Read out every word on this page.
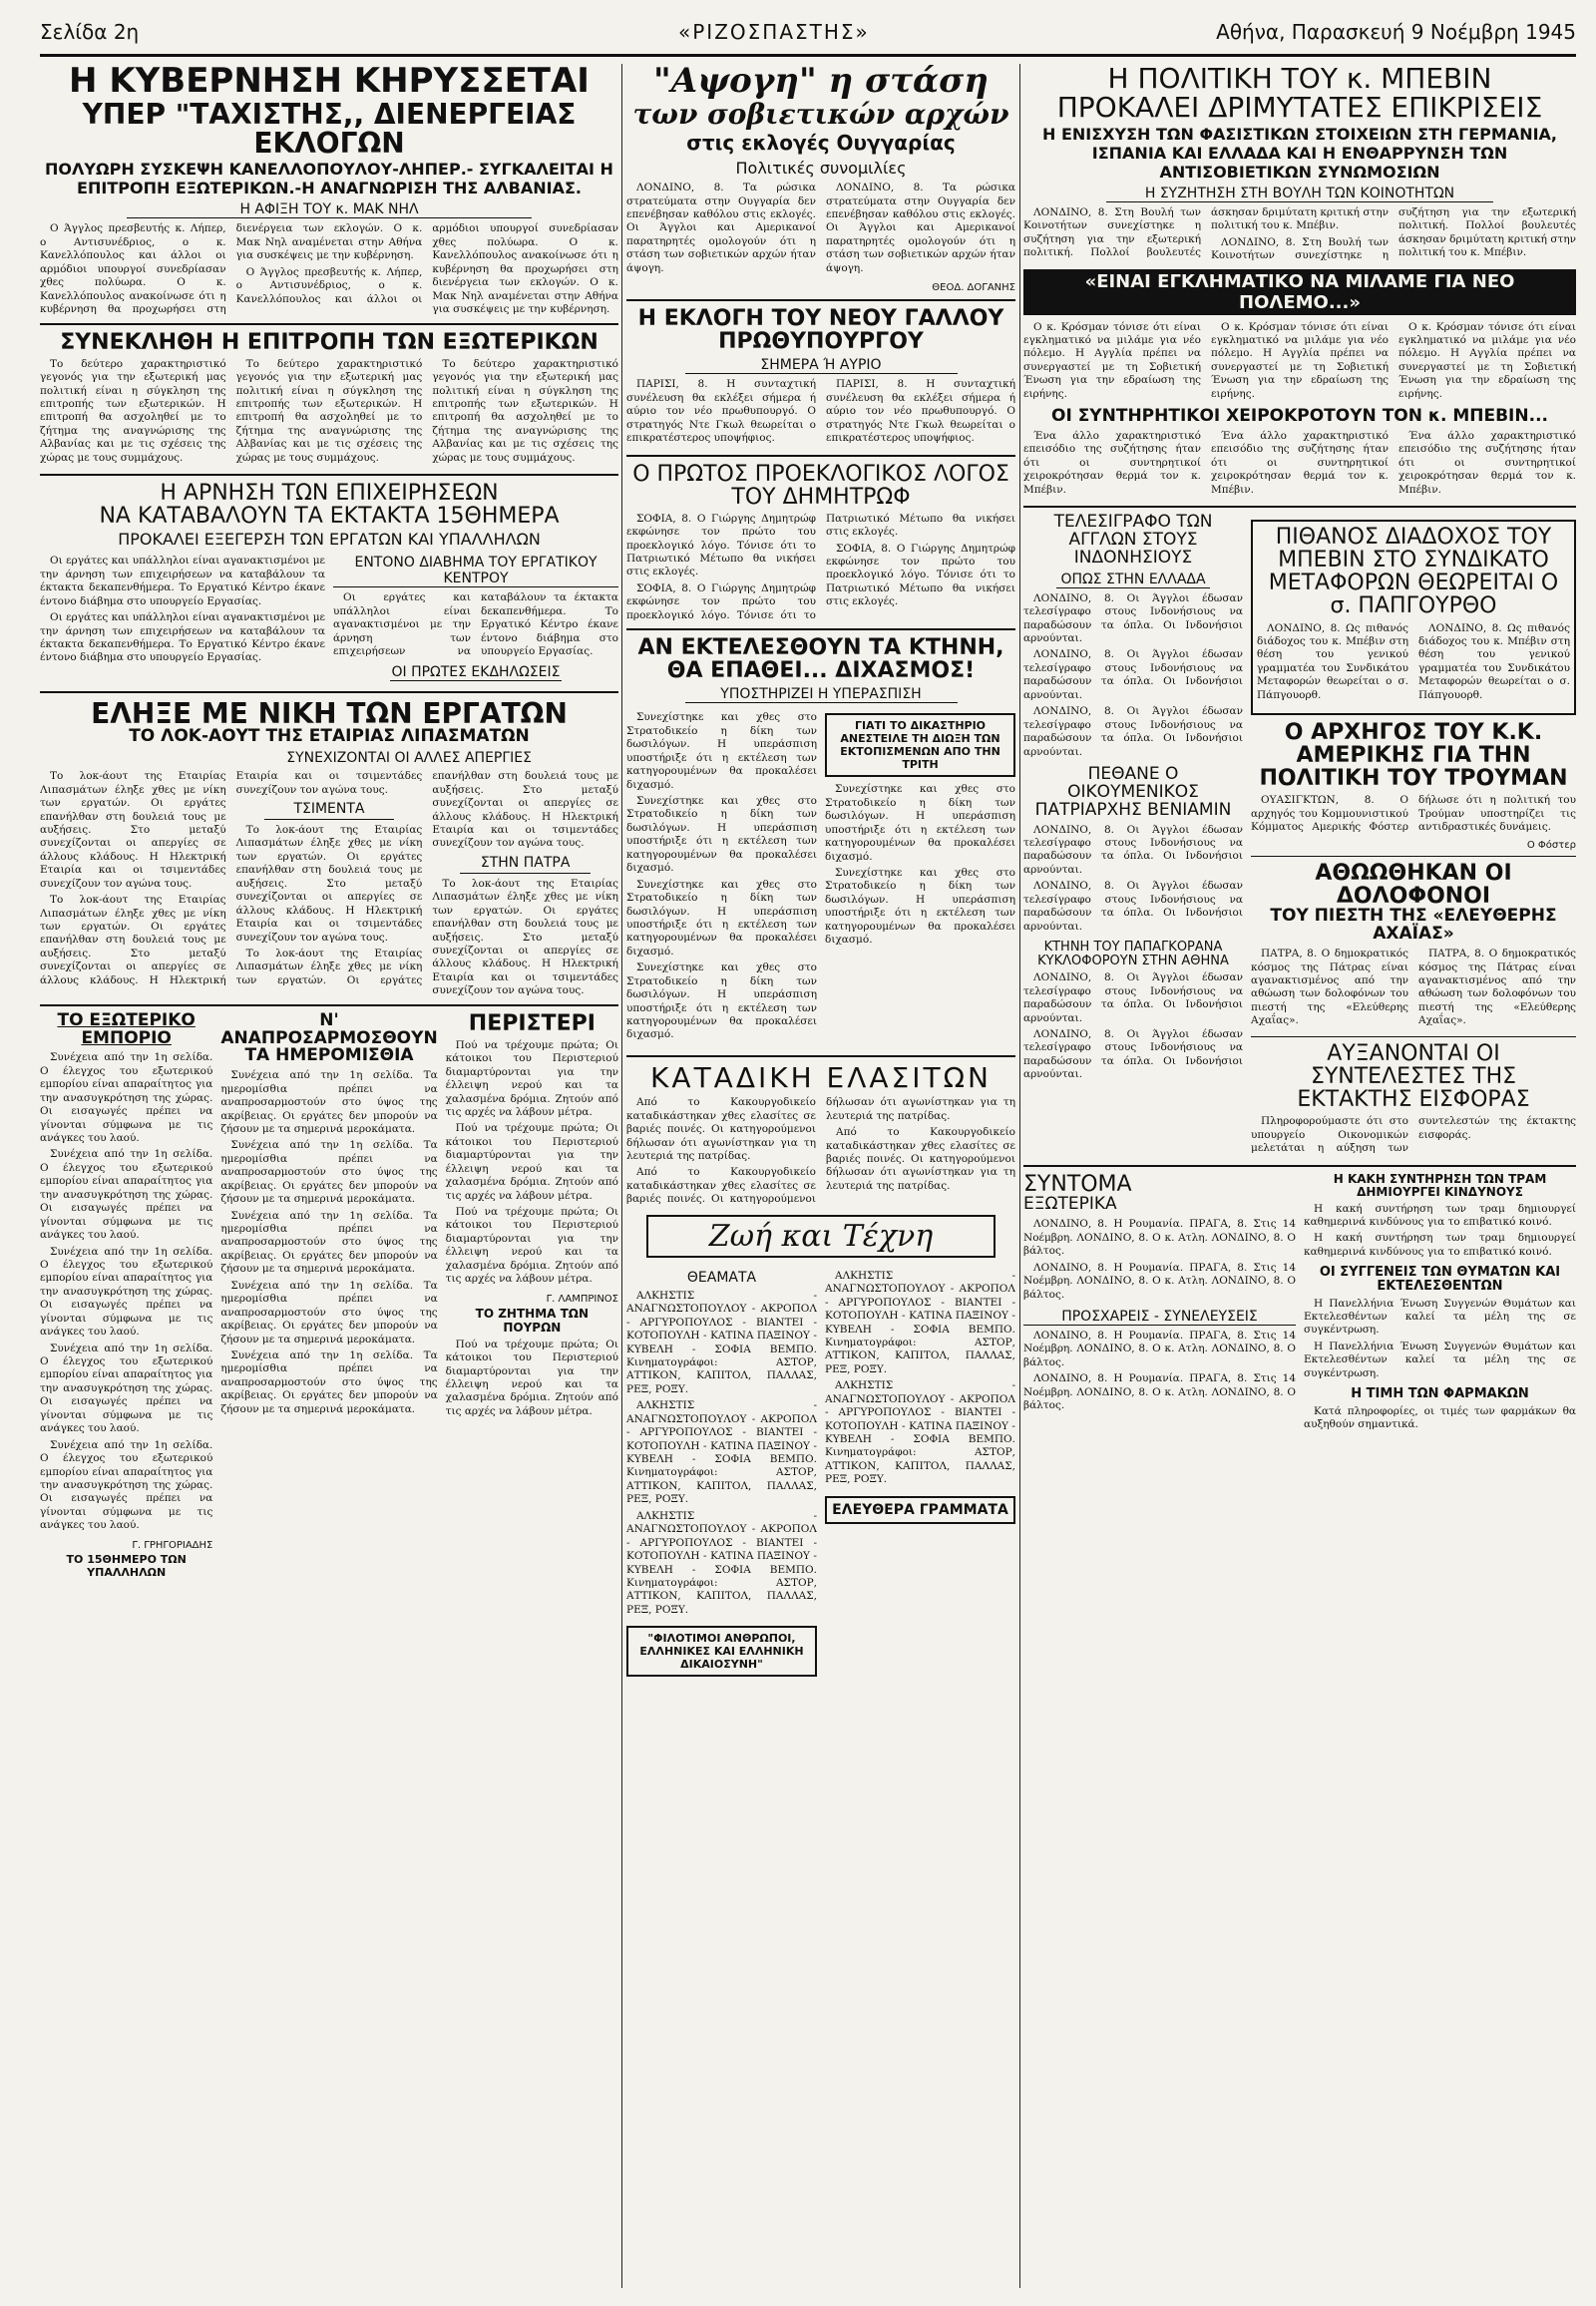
Σελίδα 2η	«ΡΙΖΟΣΠΑΣΤΗΣ»	Αθήνα, Παρασκευή 9 Νοέμβρη 1945
Η ΚΥΒΕΡΝΗΣΗ ΚΗΡΥΣΣΕΤΑΙ
ΥΠΕΡ "ΤΑΧΙΣΤΗΣ,, ΔΙΕΝΕΡΓΕΙΑΣ ΕΚΛΟΓΩΝ
ΠΟΛΥΩΡΗ ΣΥΣΚΕΨΗ ΚΑΝΕΛΛΟΠΟΥΛΟΥ-ΛΗΠΕΡ.- ΣΥΓΚΑΛΕΙΤΑΙ Η ΕΠΙΤΡΟΠΗ ΕΞΩΤΕΡΙΚΩΝ.-Η ΑΝΑΓΝΩΡΙΣΗ ΤΗΣ ΑΛΒΑΝΙΑΣ.
Η ΑΦΙΞΗ ΤΟΥ κ. ΜΑΚ ΝΗΛ

Ο Άγγλος πρεσβευτής κ. Λήπερ, ο Αντισυνέδριος, ο κ. Κανελλόπουλος και άλλοι οι αρμόδιοι υπουργοί συνεδρίασαν χθες πολύωρα. Ο κ. Κανελλόπουλος ανακοίνωσε ότι η κυβέρνηση θα προχωρήσει στη διενέργεια των εκλογών. Ο κ. Μακ Νηλ αναμένεται στην Αθήνα για συσκέψεις με την κυβέρνηση.

Ο Άγγλος πρεσβευτής κ. Λήπερ, ο Αντισυνέδριος, ο κ. Κανελλόπουλος και άλλοι οι αρμόδιοι υπουργοί συνεδρίασαν χθες πολύωρα. Ο κ. Κανελλόπουλος ανακοίνωσε ότι η κυβέρνηση θα προχωρήσει στη διενέργεια των εκλογών. Ο κ. Μακ Νηλ αναμένεται στην Αθήνα για συσκέψεις με την κυβέρνηση.

ΣΥΝΕΚΛΗΘΗ Η ΕΠΙΤΡΟΠΗ ΤΩΝ ΕΞΩΤΕΡΙΚΩΝ

Το δεύτερο χαρακτηριστικό γεγονός για την εξωτερική μας πολιτική είναι η σύγκληση της επιτροπής των εξωτερικών. Η επιτροπή θα ασχοληθεί με το ζήτημα της αναγνώρισης της Αλβανίας και με τις σχέσεις της χώρας με τους συμμάχους.

Το δεύτερο χαρακτηριστικό γεγονός για την εξωτερική μας πολιτική είναι η σύγκληση της επιτροπής των εξωτερικών. Η επιτροπή θα ασχοληθεί με το ζήτημα της αναγνώρισης της Αλβανίας και με τις σχέσεις της χώρας με τους συμμάχους.

Το δεύτερο χαρακτηριστικό γεγονός για την εξωτερική μας πολιτική είναι η σύγκληση της επιτροπής των εξωτερικών. Η επιτροπή θα ασχοληθεί με το ζήτημα της αναγνώρισης της Αλβανίας και με τις σχέσεις της χώρας με τους συμμάχους.

Η ΑΡΝΗΣΗ ΤΩΝ ΕΠΙΧΕΙΡΗΣΕΩΝ
ΝΑ ΚΑΤΑΒΑΛΟΥΝ ΤΑ ΕΚΤΑΚΤΑ 15ΘΗΜΕΡΑ
ΠΡΟΚΑΛΕΙ ΕΞΕΓΕΡΣΗ ΤΩΝ ΕΡΓΑΤΩΝ ΚΑΙ ΥΠΑΛΛΗΛΩΝ

Οι εργάτες και υπάλληλοι είναι αγανακτισμένοι με την άρνηση των επιχειρήσεων να καταβάλουν τα έκτακτα δεκαπενθήμερα. Το Εργατικό Κέντρο έκανε έντονο διάβημα στο υπουργείο Εργασίας.

Οι εργάτες και υπάλληλοι είναι αγανακτισμένοι με την άρνηση των επιχειρήσεων να καταβάλουν τα έκτακτα δεκαπενθήμερα. Το Εργατικό Κέντρο έκανε έντονο διάβημα στο υπουργείο Εργασίας.

ΕΝΤΟΝΟ ΔΙΑΒΗΜΑ ΤΟΥ ΕΡΓΑΤΙΚΟΥ ΚΕΝΤΡΟΥ

Οι εργάτες και υπάλληλοι είναι αγανακτισμένοι με την άρνηση των επιχειρήσεων να καταβάλουν τα έκτακτα δεκαπενθήμερα. Το Εργατικό Κέντρο έκανε έντονο διάβημα στο υπουργείο Εργασίας.

ΟΙ ΠΡΩΤΕΣ ΕΚΔΗΛΩΣΕΙΣ
ΕΛΗΞΕ ΜΕ ΝΙΚΗ ΤΩΝ ΕΡΓΑΤΩΝ
ΤΟ ΛΟΚ-ΑΟΥΤ ΤΗΣ ΕΤΑΙΡΙΑΣ ΛΙΠΑΣΜΑΤΩΝ
ΣΥΝΕΧΙΖΟΝΤΑΙ ΟΙ ΑΛΛΕΣ ΑΠΕΡΓΙΕΣ

Το λοκ-άουτ της Εταιρίας Λιπασμάτων έληξε χθες με νίκη των εργατών. Οι εργάτες επανήλθαν στη δουλειά τους με αυξήσεις. Στο μεταξύ συνεχίζονται οι απεργίες σε άλλους κλάδους. Η Ηλεκτρική Εταιρία και οι τσιμεντάδες συνεχίζουν τον αγώνα τους.

Το λοκ-άουτ της Εταιρίας Λιπασμάτων έληξε χθες με νίκη των εργατών. Οι εργάτες επανήλθαν στη δουλειά τους με αυξήσεις. Στο μεταξύ συνεχίζονται οι απεργίες σε άλλους κλάδους. Η Ηλεκτρική Εταιρία και οι τσιμεντάδες συνεχίζουν τον αγώνα τους.

ΤΣΙΜΕΝΤΑ

Το λοκ-άουτ της Εταιρίας Λιπασμάτων έληξε χθες με νίκη των εργατών. Οι εργάτες επανήλθαν στη δουλειά τους με αυξήσεις. Στο μεταξύ συνεχίζονται οι απεργίες σε άλλους κλάδους. Η Ηλεκτρική Εταιρία και οι τσιμεντάδες συνεχίζουν τον αγώνα τους.

Το λοκ-άουτ της Εταιρίας Λιπασμάτων έληξε χθες με νίκη των εργατών. Οι εργάτες επανήλθαν στη δουλειά τους με αυξήσεις. Στο μεταξύ συνεχίζονται οι απεργίες σε άλλους κλάδους. Η Ηλεκτρική Εταιρία και οι τσιμεντάδες συνεχίζουν τον αγώνα τους.

ΣΤΗΝ ΠΑΤΡΑ

Το λοκ-άουτ της Εταιρίας Λιπασμάτων έληξε χθες με νίκη των εργατών. Οι εργάτες επανήλθαν στη δουλειά τους με αυξήσεις. Στο μεταξύ συνεχίζονται οι απεργίες σε άλλους κλάδους. Η Ηλεκτρική Εταιρία και οι τσιμεντάδες συνεχίζουν τον αγώνα τους.

ΤΟ ΕΞΩΤΕΡΙΚΟ ΕΜΠΟΡΙΟ

Συνέχεια από την 1η σελίδα. Ο έλεγχος του εξωτερικού εμπορίου είναι απαραίτητος για την ανασυγκρότηση της χώρας. Οι εισαγωγές πρέπει να γίνονται σύμφωνα με τις ανάγκες του λαού.

Συνέχεια από την 1η σελίδα. Ο έλεγχος του εξωτερικού εμπορίου είναι απαραίτητος για την ανασυγκρότηση της χώρας. Οι εισαγωγές πρέπει να γίνονται σύμφωνα με τις ανάγκες του λαού.

Συνέχεια από την 1η σελίδα. Ο έλεγχος του εξωτερικού εμπορίου είναι απαραίτητος για την ανασυγκρότηση της χώρας. Οι εισαγωγές πρέπει να γίνονται σύμφωνα με τις ανάγκες του λαού.

Συνέχεια από την 1η σελίδα. Ο έλεγχος του εξωτερικού εμπορίου είναι απαραίτητος για την ανασυγκρότηση της χώρας. Οι εισαγωγές πρέπει να γίνονται σύμφωνα με τις ανάγκες του λαού.

Συνέχεια από την 1η σελίδα. Ο έλεγχος του εξωτερικού εμπορίου είναι απαραίτητος για την ανασυγκρότηση της χώρας. Οι εισαγωγές πρέπει να γίνονται σύμφωνα με τις ανάγκες του λαού.

Γ. ΓΡΗΓΟΡΙΑΔΗΣ
ΤΟ 15ΘΗΜΕΡΟ ΤΩΝ ΥΠΑΛΛΗΛΩΝ
Ν' ΑΝΑΠΡΟΣΑΡΜΟΣΘΟΥΝ ΤΑ ΗΜΕΡΟΜΙΣΘΙΑ

Συνέχεια από την 1η σελίδα. Τα ημερομίσθια πρέπει να αναπροσαρμοστούν στο ύψος της ακρίβειας. Οι εργάτες δεν μπορούν να ζήσουν με τα σημερινά μεροκάματα.

Συνέχεια από την 1η σελίδα. Τα ημερομίσθια πρέπει να αναπροσαρμοστούν στο ύψος της ακρίβειας. Οι εργάτες δεν μπορούν να ζήσουν με τα σημερινά μεροκάματα.

Συνέχεια από την 1η σελίδα. Τα ημερομίσθια πρέπει να αναπροσαρμοστούν στο ύψος της ακρίβειας. Οι εργάτες δεν μπορούν να ζήσουν με τα σημερινά μεροκάματα.

Συνέχεια από την 1η σελίδα. Τα ημερομίσθια πρέπει να αναπροσαρμοστούν στο ύψος της ακρίβειας. Οι εργάτες δεν μπορούν να ζήσουν με τα σημερινά μεροκάματα.

Συνέχεια από την 1η σελίδα. Τα ημερομίσθια πρέπει να αναπροσαρμοστούν στο ύψος της ακρίβειας. Οι εργάτες δεν μπορούν να ζήσουν με τα σημερινά μεροκάματα.

ΠΕΡΙΣΤΕΡΙ

Πού να τρέχουμε πρώτα; Οι κάτοικοι του Περιστεριού διαμαρτύρονται για την έλλειψη νερού και τα χαλασμένα δρόμια. Ζητούν από τις αρχές να λάβουν μέτρα.

Πού να τρέχουμε πρώτα; Οι κάτοικοι του Περιστεριού διαμαρτύρονται για την έλλειψη νερού και τα χαλασμένα δρόμια. Ζητούν από τις αρχές να λάβουν μέτρα.

Πού να τρέχουμε πρώτα; Οι κάτοικοι του Περιστεριού διαμαρτύρονται για την έλλειψη νερού και τα χαλασμένα δρόμια. Ζητούν από τις αρχές να λάβουν μέτρα.

Γ. ΛΑΜΠΡΙΝΟΣ
ΤΟ ΖΗΤΗΜΑ ΤΩΝ ΠΟΥΡΩΝ

Πού να τρέχουμε πρώτα; Οι κάτοικοι του Περιστεριού διαμαρτύρονται για την έλλειψη νερού και τα χαλασμένα δρόμια. Ζητούν από τις αρχές να λάβουν μέτρα.

"Αψογη" η στάση
των σοβιετικών αρχών
στις εκλογές Ουγγαρίας
Πολιτικές συνομιλίες

ΛΟΝΔΙΝΟ, 8. Τα ρώσικα στρατεύματα στην Ουγγαρία δεν επενέβησαν καθόλου στις εκλογές. Οι Άγγλοι και Αμερικανοί παρατηρητές ομολογούν ότι η στάση των σοβιετικών αρχών ήταν άψογη.

ΛΟΝΔΙΝΟ, 8. Τα ρώσικα στρατεύματα στην Ουγγαρία δεν επενέβησαν καθόλου στις εκλογές. Οι Άγγλοι και Αμερικανοί παρατηρητές ομολογούν ότι η στάση των σοβιετικών αρχών ήταν άψογη.

ΘΕΟΔ. ΔΟΓΑΝΗΣ
Η ΕΚΛΟΓΗ ΤΟΥ ΝΕΟΥ ΓΑΛΛΟΥ ΠΡΩΘΥΠΟΥΡΓΟΥ
ΣΗΜΕΡΑ Ή ΑΥΡΙΟ

ΠΑΡΙΣΙ, 8. Η συνταχτική συνέλευση θα εκλέξει σήμερα ή αύριο τον νέο πρωθυπουργό. Ο στρατηγός Ντε Γκωλ θεωρείται ο επικρατέστερος υποψήφιος.

ΠΑΡΙΣΙ, 8. Η συνταχτική συνέλευση θα εκλέξει σήμερα ή αύριο τον νέο πρωθυπουργό. Ο στρατηγός Ντε Γκωλ θεωρείται ο επικρατέστερος υποψήφιος.

Ο ΠΡΩΤΟΣ ΠΡΟΕΚΛΟΓΙΚΟΣ ΛΟΓΟΣ ΤΟΥ ΔΗΜΗΤΡΩΦ

ΣΟΦΙΑ, 8. Ο Γιώργης Δημητρώφ εκφώνησε τον πρώτο του προεκλογικό λόγο. Τόνισε ότι το Πατριωτικό Μέτωπο θα νικήσει στις εκλογές.

ΣΟΦΙΑ, 8. Ο Γιώργης Δημητρώφ εκφώνησε τον πρώτο του προεκλογικό λόγο. Τόνισε ότι το Πατριωτικό Μέτωπο θα νικήσει στις εκλογές.

ΣΟΦΙΑ, 8. Ο Γιώργης Δημητρώφ εκφώνησε τον πρώτο του προεκλογικό λόγο. Τόνισε ότι το Πατριωτικό Μέτωπο θα νικήσει στις εκλογές.

ΑΝ ΕΚΤΕΛΕΣΘΟΥΝ ΤΑ ΚΤΗΝΗ, ΘΑ ΕΠΑΘΕΙ... ΔΙΧΑΣΜΟΣ!
ΥΠΟΣΤΗΡΙΖΕΙ Η ΥΠΕΡΑΣΠΙΣΗ

Συνεχίστηκε και χθες στο Στρατοδικείο η δίκη των δωσιλόγων. Η υπεράσπιση υποστήριξε ότι η εκτέλεση των κατηγορουμένων θα προκαλέσει διχασμό.

Συνεχίστηκε και χθες στο Στρατοδικείο η δίκη των δωσιλόγων. Η υπεράσπιση υποστήριξε ότι η εκτέλεση των κατηγορουμένων θα προκαλέσει διχασμό.

Συνεχίστηκε και χθες στο Στρατοδικείο η δίκη των δωσιλόγων. Η υπεράσπιση υποστήριξε ότι η εκτέλεση των κατηγορουμένων θα προκαλέσει διχασμό.

Συνεχίστηκε και χθες στο Στρατοδικείο η δίκη των δωσιλόγων. Η υπεράσπιση υποστήριξε ότι η εκτέλεση των κατηγορουμένων θα προκαλέσει διχασμό.

ΓΙΑΤΙ ΤΟ ΔΙΚΑΣΤΗΡΙΟ ΑΝΕΣΤΕΙΛΕ ΤΗ ΔΙΩΞΗ ΤΩΝ ΕΚΤΟΠΙΣΜΕΝΩΝ ΑΠΟ ΤΗΝ ΤΡΙΤΗ

Συνεχίστηκε και χθες στο Στρατοδικείο η δίκη των δωσιλόγων. Η υπεράσπιση υποστήριξε ότι η εκτέλεση των κατηγορουμένων θα προκαλέσει διχασμό.

Συνεχίστηκε και χθες στο Στρατοδικείο η δίκη των δωσιλόγων. Η υπεράσπιση υποστήριξε ότι η εκτέλεση των κατηγορουμένων θα προκαλέσει διχασμό.

ΚΑΤΑΔΙΚΗ ΕΛΑΣΙΤΩΝ

Από το Κακουργοδικείο καταδικάστηκαν χθες ελασίτες σε βαριές ποινές. Οι κατηγορούμενοι δήλωσαν ότι αγωνίστηκαν για τη λευτεριά της πατρίδας.

Από το Κακουργοδικείο καταδικάστηκαν χθες ελασίτες σε βαριές ποινές. Οι κατηγορούμενοι δήλωσαν ότι αγωνίστηκαν για τη λευτεριά της πατρίδας.

Από το Κακουργοδικείο καταδικάστηκαν χθες ελασίτες σε βαριές ποινές. Οι κατηγορούμενοι δήλωσαν ότι αγωνίστηκαν για τη λευτεριά της πατρίδας.

Ζωή και Τέχνη
ΘΕΑΜΑΤΑ

ΑΛΚΗΣΤΙΣ - ΑΝΑΓΝΩΣΤΟΠΟΥΛΟΥ - ΑΚΡΟΠΟΛ - ΑΡΓΥΡΟΠΟΥΛΟΣ - ΒΙΑΝΤΕΙ - ΚΟΤΟΠΟΥΛΗ - ΚΑΤΙΝΑ ΠΑΞΙΝΟΥ - ΚΥΒΕΛΗ - ΣΟΦΙΑ ΒΕΜΠΟ. Κινηματογράφοι: ΑΣΤΟΡ, ΑΤΤΙΚΟΝ, ΚΑΠΙΤΟΛ, ΠΑΛΛΑΣ, ΡΕΞ, ΡΟΞΥ.

ΑΛΚΗΣΤΙΣ - ΑΝΑΓΝΩΣΤΟΠΟΥΛΟΥ - ΑΚΡΟΠΟΛ - ΑΡΓΥΡΟΠΟΥΛΟΣ - ΒΙΑΝΤΕΙ - ΚΟΤΟΠΟΥΛΗ - ΚΑΤΙΝΑ ΠΑΞΙΝΟΥ - ΚΥΒΕΛΗ - ΣΟΦΙΑ ΒΕΜΠΟ. Κινηματογράφοι: ΑΣΤΟΡ, ΑΤΤΙΚΟΝ, ΚΑΠΙΤΟΛ, ΠΑΛΛΑΣ, ΡΕΞ, ΡΟΞΥ.

ΑΛΚΗΣΤΙΣ - ΑΝΑΓΝΩΣΤΟΠΟΥΛΟΥ - ΑΚΡΟΠΟΛ - ΑΡΓΥΡΟΠΟΥΛΟΣ - ΒΙΑΝΤΕΙ - ΚΟΤΟΠΟΥΛΗ - ΚΑΤΙΝΑ ΠΑΞΙΝΟΥ - ΚΥΒΕΛΗ - ΣΟΦΙΑ ΒΕΜΠΟ. Κινηματογράφοι: ΑΣΤΟΡ, ΑΤΤΙΚΟΝ, ΚΑΠΙΤΟΛ, ΠΑΛΛΑΣ, ΡΕΞ, ΡΟΞΥ.

"ΦΙΛΟΤΙΜΟΙ ΑΝΘΡΩΠΟΙ, ΕΛΛΗΝΙΚΕΣ ΚΑΙ ΕΛΛΗΝΙΚΗ ΔΙΚΑΙΟΣΥΝΗ"

ΑΛΚΗΣΤΙΣ - ΑΝΑΓΝΩΣΤΟΠΟΥΛΟΥ - ΑΚΡΟΠΟΛ - ΑΡΓΥΡΟΠΟΥΛΟΣ - ΒΙΑΝΤΕΙ - ΚΟΤΟΠΟΥΛΗ - ΚΑΤΙΝΑ ΠΑΞΙΝΟΥ - ΚΥΒΕΛΗ - ΣΟΦΙΑ ΒΕΜΠΟ. Κινηματογράφοι: ΑΣΤΟΡ, ΑΤΤΙΚΟΝ, ΚΑΠΙΤΟΛ, ΠΑΛΛΑΣ, ΡΕΞ, ΡΟΞΥ.

ΑΛΚΗΣΤΙΣ - ΑΝΑΓΝΩΣΤΟΠΟΥΛΟΥ - ΑΚΡΟΠΟΛ - ΑΡΓΥΡΟΠΟΥΛΟΣ - ΒΙΑΝΤΕΙ - ΚΟΤΟΠΟΥΛΗ - ΚΑΤΙΝΑ ΠΑΞΙΝΟΥ - ΚΥΒΕΛΗ - ΣΟΦΙΑ ΒΕΜΠΟ. Κινηματογράφοι: ΑΣΤΟΡ, ΑΤΤΙΚΟΝ, ΚΑΠΙΤΟΛ, ΠΑΛΛΑΣ, ΡΕΞ, ΡΟΞΥ.

ΕΛΕΥΘΕΡΑ ΓΡΑΜΜΑΤΑ
Η ΠΟΛΙΤΙΚΗ ΤΟΥ κ. ΜΠΕΒΙΝ
ΠΡΟΚΑΛΕΙ ΔΡΙΜΥΤΑΤΕΣ ΕΠΙΚΡΙΣΕΙΣ
Η ΕΝΙΣΧΥΣΗ ΤΩΝ ΦΑΣΙΣΤΙΚΩΝ ΣΤΟΙΧΕΙΩΝ ΣΤΗ ΓΕΡΜΑΝΙΑ, ΙΣΠΑΝΙΑ ΚΑΙ ΕΛΛΑΔΑ ΚΑΙ Η ΕΝΘΑΡΡΥΝΣΗ ΤΩΝ ΑΝΤΙΣΟΒΙΕΤΙΚΩΝ ΣΥΝΩΜΟΣΙΩΝ
Η ΣΥΖΗΤΗΣΗ ΣΤΗ ΒΟΥΛΗ ΤΩΝ ΚΟΙΝΟΤΗΤΩΝ

ΛΟΝΔΙΝΟ, 8. Στη Βουλή των Κοινοτήτων συνεχίστηκε η συζήτηση για την εξωτερική πολιτική. Πολλοί βουλευτές άσκησαν δριμύτατη κριτική στην πολιτική του κ. Μπέβιν.

ΛΟΝΔΙΝΟ, 8. Στη Βουλή των Κοινοτήτων συνεχίστηκε η συζήτηση για την εξωτερική πολιτική. Πολλοί βουλευτές άσκησαν δριμύτατη κριτική στην πολιτική του κ. Μπέβιν.

«ΕΙΝΑΙ ΕΓΚΛΗΜΑΤΙΚΟ ΝΑ ΜΙΛΑΜΕ ΓΙΑ ΝΕΟ ΠΟΛΕΜΟ...»

Ο κ. Κρόσμαν τόνισε ότι είναι εγκληματικό να μιλάμε για νέο πόλεμο. Η Αγγλία πρέπει να συνεργαστεί με τη Σοβιετική Ένωση για την εδραίωση της ειρήνης.

Ο κ. Κρόσμαν τόνισε ότι είναι εγκληματικό να μιλάμε για νέο πόλεμο. Η Αγγλία πρέπει να συνεργαστεί με τη Σοβιετική Ένωση για την εδραίωση της ειρήνης.

Ο κ. Κρόσμαν τόνισε ότι είναι εγκληματικό να μιλάμε για νέο πόλεμο. Η Αγγλία πρέπει να συνεργαστεί με τη Σοβιετική Ένωση για την εδραίωση της ειρήνης.

ΟΙ ΣΥΝΤΗΡΗΤΙΚΟΙ ΧΕΙΡΟΚΡΟΤΟΥΝ ΤΟΝ κ. ΜΠΕΒΙΝ...

Ένα άλλο χαρακτηριστικό επεισόδιο της συζήτησης ήταν ότι οι συντηρητικοί χειροκρότησαν θερμά τον κ. Μπέβιν.

Ένα άλλο χαρακτηριστικό επεισόδιο της συζήτησης ήταν ότι οι συντηρητικοί χειροκρότησαν θερμά τον κ. Μπέβιν.

Ένα άλλο χαρακτηριστικό επεισόδιο της συζήτησης ήταν ότι οι συντηρητικοί χειροκρότησαν θερμά τον κ. Μπέβιν.

ΤΕΛΕΣΙΓΡΑΦΟ ΤΩΝ ΑΓΓΛΩΝ ΣΤΟΥΣ ΙΝΔΟΝΗΣΙΟΥΣ
ΟΠΩΣ ΣΤΗΝ ΕΛΛΑΔΑ

ΛΟΝΔΙΝΟ, 8. Οι Άγγλοι έδωσαν τελεσίγραφο στους Ινδονήσιους να παραδώσουν τα όπλα. Οι Ινδονήσιοι αρνούνται.

ΛΟΝΔΙΝΟ, 8. Οι Άγγλοι έδωσαν τελεσίγραφο στους Ινδονήσιους να παραδώσουν τα όπλα. Οι Ινδονήσιοι αρνούνται.

ΛΟΝΔΙΝΟ, 8. Οι Άγγλοι έδωσαν τελεσίγραφο στους Ινδονήσιους να παραδώσουν τα όπλα. Οι Ινδονήσιοι αρνούνται.

ΠΕΘΑΝΕ Ο ΟΙΚΟΥΜΕΝΙΚΟΣ ΠΑΤΡΙΑΡΧΗΣ ΒΕΝΙΑΜΙΝ

ΛΟΝΔΙΝΟ, 8. Οι Άγγλοι έδωσαν τελεσίγραφο στους Ινδονήσιους να παραδώσουν τα όπλα. Οι Ινδονήσιοι αρνούνται.

ΛΟΝΔΙΝΟ, 8. Οι Άγγλοι έδωσαν τελεσίγραφο στους Ινδονήσιους να παραδώσουν τα όπλα. Οι Ινδονήσιοι αρνούνται.

ΚΤΗΝΗ ΤΟΥ ΠΑΠΑΓΚΟΡΑΝΑ ΚΥΚΛΟΦΟΡΟΥΝ ΣΤΗΝ ΑΘΗΝΑ

ΛΟΝΔΙΝΟ, 8. Οι Άγγλοι έδωσαν τελεσίγραφο στους Ινδονήσιους να παραδώσουν τα όπλα. Οι Ινδονήσιοι αρνούνται.

ΛΟΝΔΙΝΟ, 8. Οι Άγγλοι έδωσαν τελεσίγραφο στους Ινδονήσιους να παραδώσουν τα όπλα. Οι Ινδονήσιοι αρνούνται.

ΠΙΘΑΝΟΣ ΔΙΑΔΟΧΟΣ ΤΟΥ ΜΠΕΒΙΝ ΣΤΟ ΣΥΝΔΙΚΑΤΟ ΜΕΤΑΦΟΡΩΝ ΘΕΩΡΕΙΤΑΙ Ο σ. ΠΑΠΓΟΥΡΘΟ

ΛΟΝΔΙΝΟ, 8. Ως πιθανός διάδοχος του κ. Μπέβιν στη θέση του γενικού γραμματέα του Συνδικάτου Μεταφορών θεωρείται ο σ. Πάπγουορθ.

ΛΟΝΔΙΝΟ, 8. Ως πιθανός διάδοχος του κ. Μπέβιν στη θέση του γενικού γραμματέα του Συνδικάτου Μεταφορών θεωρείται ο σ. Πάπγουορθ.

Ο ΑΡΧΗΓΟΣ ΤΟΥ Κ.Κ. ΑΜΕΡΙΚΗΣ ΓΙΑ ΤΗΝ ΠΟΛΙΤΙΚΗ ΤΟΥ ΤΡΟΥΜΑΝ

ΟΥΑΣΙΓΚΤΩΝ, 8. Ο αρχηγός του Κομμουνιστικού Κόμματος Αμερικής Φόστερ δήλωσε ότι η πολιτική του Τρούμαν υποστηρίζει τις αντιδραστικές δυνάμεις.

Ο Φόστερ
ΑΘΩΩΘΗΚΑΝ ΟΙ ΔΟΛΟΦΟΝΟΙ
ΤΟΥ ΠΙΕΣΤΗ ΤΗΣ «ΕΛΕΥΘΕΡΗΣ ΑΧΑΪΑΣ»

ΠΑΤΡΑ, 8. Ο δημοκρατικός κόσμος της Πάτρας είναι αγανακτισμένος από την αθώωση των δολοφόνων του πιεστή της «Ελεύθερης Αχαΐας».

ΠΑΤΡΑ, 8. Ο δημοκρατικός κόσμος της Πάτρας είναι αγανακτισμένος από την αθώωση των δολοφόνων του πιεστή της «Ελεύθερης Αχαΐας».

ΑΥΞΑΝΟΝΤΑΙ ΟΙ ΣΥΝΤΕΛΕΣΤΕΣ ΤΗΣ ΕΚΤΑΚΤΗΣ ΕΙΣΦΟΡΑΣ

Πληροφορούμαστε ότι στο υπουργείο Οικονομικών μελετάται η αύξηση των συντελεστών της έκτακτης εισφοράς.

ΣΥΝΤΟΜΑ
ΕΞΩΤΕΡΙΚΑ

ΛΟΝΔΙΝΟ, 8. Η Ρουμανία. ΠΡΑΓΑ, 8. Στις 14 Νοέμβρη. ΛΟΝΔΙΝΟ, 8. Ο κ. Ατλη. ΛΟΝΔΙΝΟ, 8. Ο βάλτος.

ΛΟΝΔΙΝΟ, 8. Η Ρουμανία. ΠΡΑΓΑ, 8. Στις 14 Νοέμβρη. ΛΟΝΔΙΝΟ, 8. Ο κ. Ατλη. ΛΟΝΔΙΝΟ, 8. Ο βάλτος.

ΠΡΟΣΧΑΡΕΙΣ - ΣΥΝΕΛΕΥΣΕΙΣ

ΛΟΝΔΙΝΟ, 8. Η Ρουμανία. ΠΡΑΓΑ, 8. Στις 14 Νοέμβρη. ΛΟΝΔΙΝΟ, 8. Ο κ. Ατλη. ΛΟΝΔΙΝΟ, 8. Ο βάλτος.

ΛΟΝΔΙΝΟ, 8. Η Ρουμανία. ΠΡΑΓΑ, 8. Στις 14 Νοέμβρη. ΛΟΝΔΙΝΟ, 8. Ο κ. Ατλη. ΛΟΝΔΙΝΟ, 8. Ο βάλτος.

Η ΚΑΚΗ ΣΥΝΤΗΡΗΣΗ ΤΩΝ ΤΡΑΜ ΔΗΜΙΟΥΡΓΕΙ ΚΙΝΔΥΝΟΥΣ

Η κακή συντήρηση των τραμ δημιουργεί καθημερινά κινδύνους για το επιβατικό κοινό.

Η κακή συντήρηση των τραμ δημιουργεί καθημερινά κινδύνους για το επιβατικό κοινό.

ΟΙ ΣΥΓΓΕΝΕΙΣ ΤΩΝ ΘΥΜΑΤΩΝ ΚΑΙ ΕΚΤΕΛΕΣΘΕΝΤΩΝ

Η Πανελλήνια Ένωση Συγγενών Θυμάτων και Εκτελεσθέντων καλεί τα μέλη της σε συγκέντρωση.

Η Πανελλήνια Ένωση Συγγενών Θυμάτων και Εκτελεσθέντων καλεί τα μέλη της σε συγκέντρωση.

Η ΤΙΜΗ ΤΩΝ ΦΑΡΜΑΚΩΝ

Κατά πληροφορίες, οι τιμές των φαρμάκων θα αυξηθούν σημαντικά.
